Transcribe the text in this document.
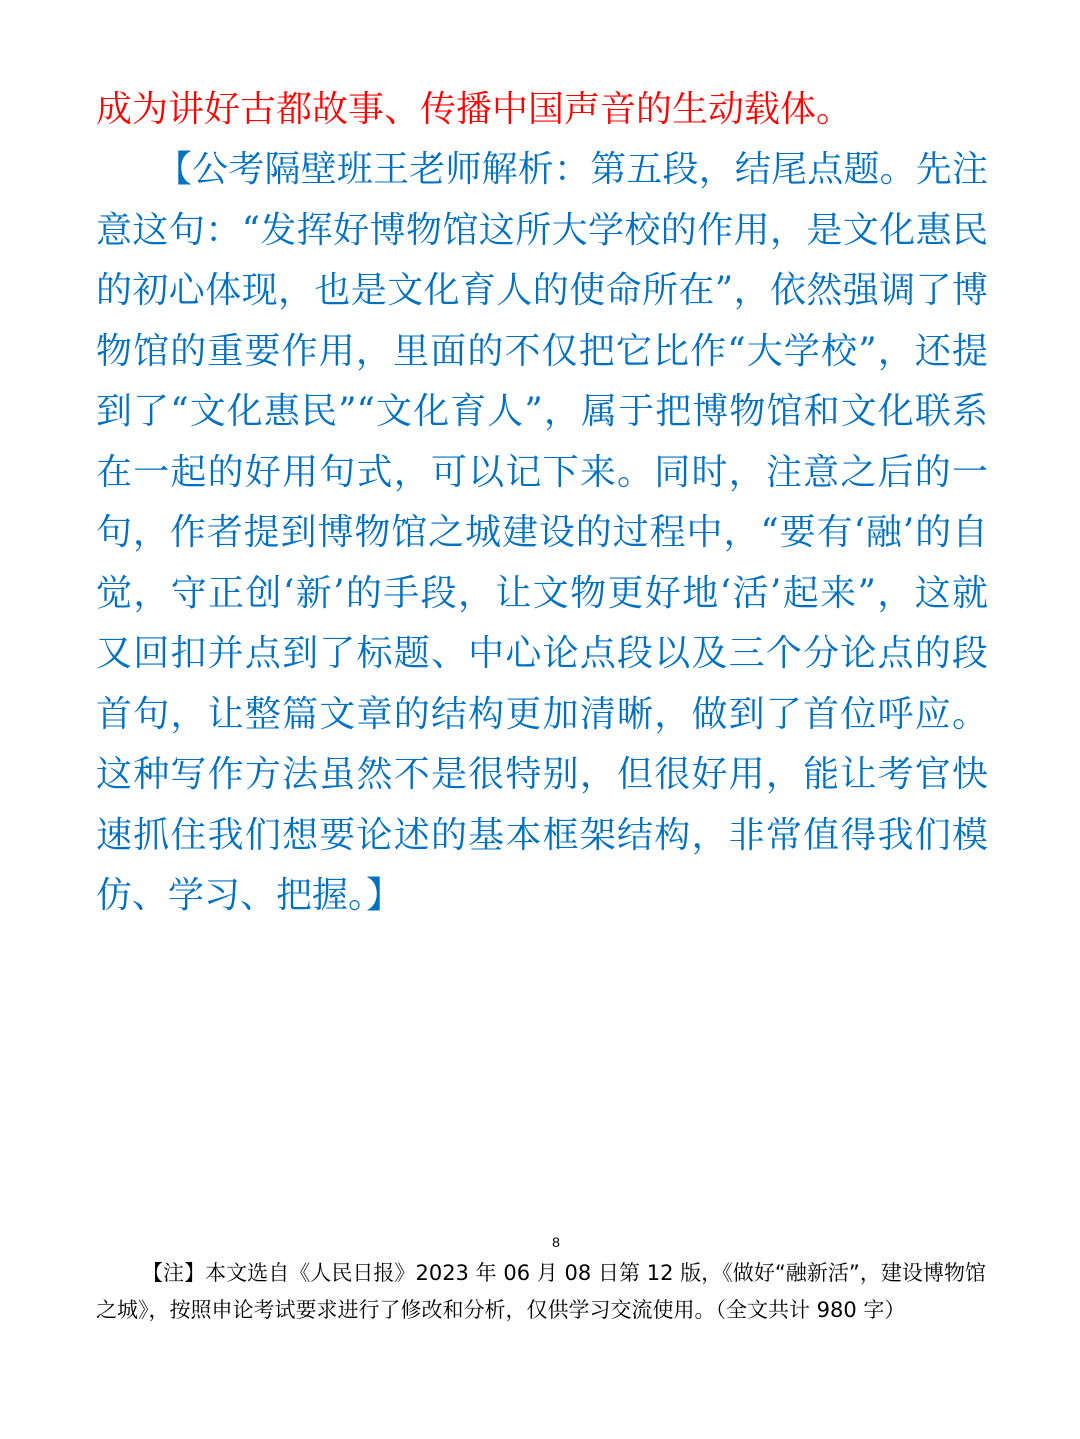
成为讲好古都故事、传播中国声音的生动载体。

【公考隔壁班王老师解析：第五段，结尾点题。先注意这句：“发挥好博物馆这所大学校的作用，是文化惠民的初心体现，也是文化育人的使命所在”，依然强调了博物馆的重要作用，里面的不仅把它比作“大学校”，还提到了“文化惠民”“文化育人”，属于把博物馆和文化联系在一起的好用句式，可以记下来。同时，注意之后的一句，作者提到博物馆之城建设的过程中，“要有‘融’的自觉，守正创‘新’的手段，让文物更好地‘活’起来”，这就又回扣并点到了标题、中心论点段以及三个分论点的段首句，让整篇文章的结构更加清晰，做到了首位呼应。这种写作方法虽然不是很特别，但很好用，能让考官快速抓住我们想要论述的基本框架结构，非常值得我们模仿、学习、把握。】

8

【注】本文选自《人民日报》2023 年 06 月 08 日第 12 版，《做好“融新活”，建设博物馆之城》，按照申论考试要求进行了修改和分析，仅供学习交流使用。（全文共计 980 字）
